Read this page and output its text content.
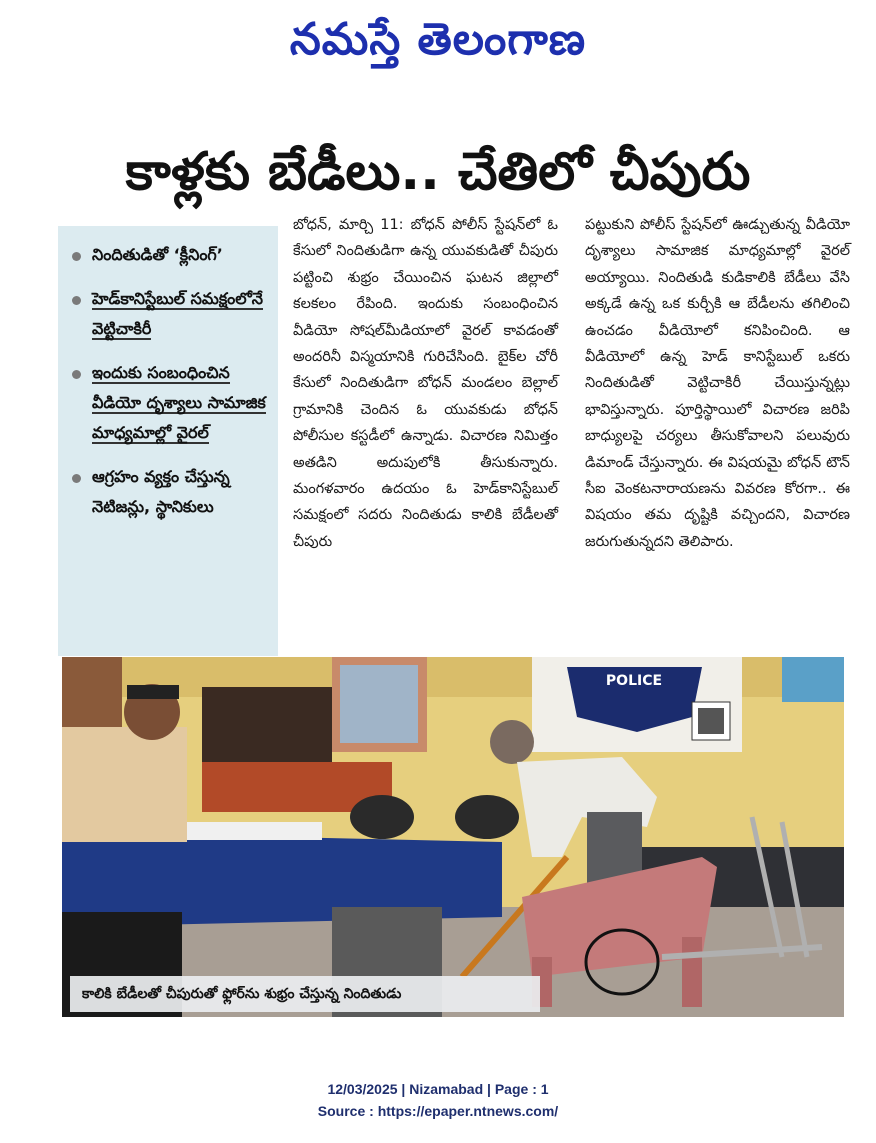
నమస్తే తెలంగాణ
కాళ్లకు బేడీలు.. చేతిలో చీపురు
నిందితుడితో ‘క్లీనింగ్’
హెడ్‌కానిస్టేబుల్ సమక్షంలోనే వెట్టిచాకిరీ
ఇందుకు సంబంధించిన వీడియో దృశ్యాలు సామాజిక మాధ్యమాల్లో వైరల్
ఆగ్రహం వ్యక్తం చేస్తున్న నెటిజన్లు, స్థానికులు
బోధన్, మార్చి 11: బోధన్ పోలీస్ స్టేషన్‌లో ఓ కేసులో నిందితుడిగా ఉన్న యువకుడితో చీపురు పట్టించి శుభ్రం చేయించిన ఘటన జిల్లాలో కలకలం రేపింది. ఇందుకు సంబంధించిన వీడియో సోషల్‌మీడియాలో వైరల్ కావడంతో అందరినీ విస్మయానికి గురిచేసింది. బైక్‌ల చోరీ కేసులో నిందితుడిగా బోధన్ మండలం బెల్లాల్ గ్రామానికి చెందిన ఓ యువకుడు బోధన్ పోలీసుల కస్టడీలో ఉన్నాడు. విచారణ నిమిత్తం అతడిని అదుపులోకి తీసుకున్నారు. మంగళవారం ఉదయం ఓ హెడ్‌కానిస్టేబుల్ సమక్షంలో సదరు నిందితుడు కాలికి బేడీలతో చీపురు
పట్టుకుని పోలీస్ స్టేషన్‌లో ఊడ్చుతున్న వీడియో దృశ్యాలు సామాజిక మాధ్యమాల్లో వైరల్ అయ్యాయి. నిందితుడి కుడికాలికి బేడీలు వేసి అక్కడే ఉన్న ఒక కుర్చీకి ఆ బేడీలను తగిలించి ఉంచడం వీడియోలో కనిపించింది. ఆ వీడియోలో ఉన్న హెడ్ కానిస్టేబుల్ ఒకరు నిందితుడితో వెట్టిచాకిరీ చేయిస్తున్నట్లు భావిస్తున్నారు. పూర్తిస్థాయిలో విచారణ జరిపి బాధ్యులపై చర్యలు తీసుకోవాలని పలువురు డిమాండ్ చేస్తున్నారు. ఈ విషయమై బోధన్ టౌన్ సీఐ వెంకటనారాయణను వివరణ కోరగా.. ఈ విషయం తమ దృష్టికి వచ్చిందని, విచారణ జరుగుతున్నదని తెలిపారు.
POLICE
కాలికి బేడీలతో చీపురుతో ఫ్లోర్‌ను శుభ్రం చేస్తున్న నిందితుడు
12/03/2025 | Nizamabad | Page : 1
Source : https://epaper.ntnews.com/
